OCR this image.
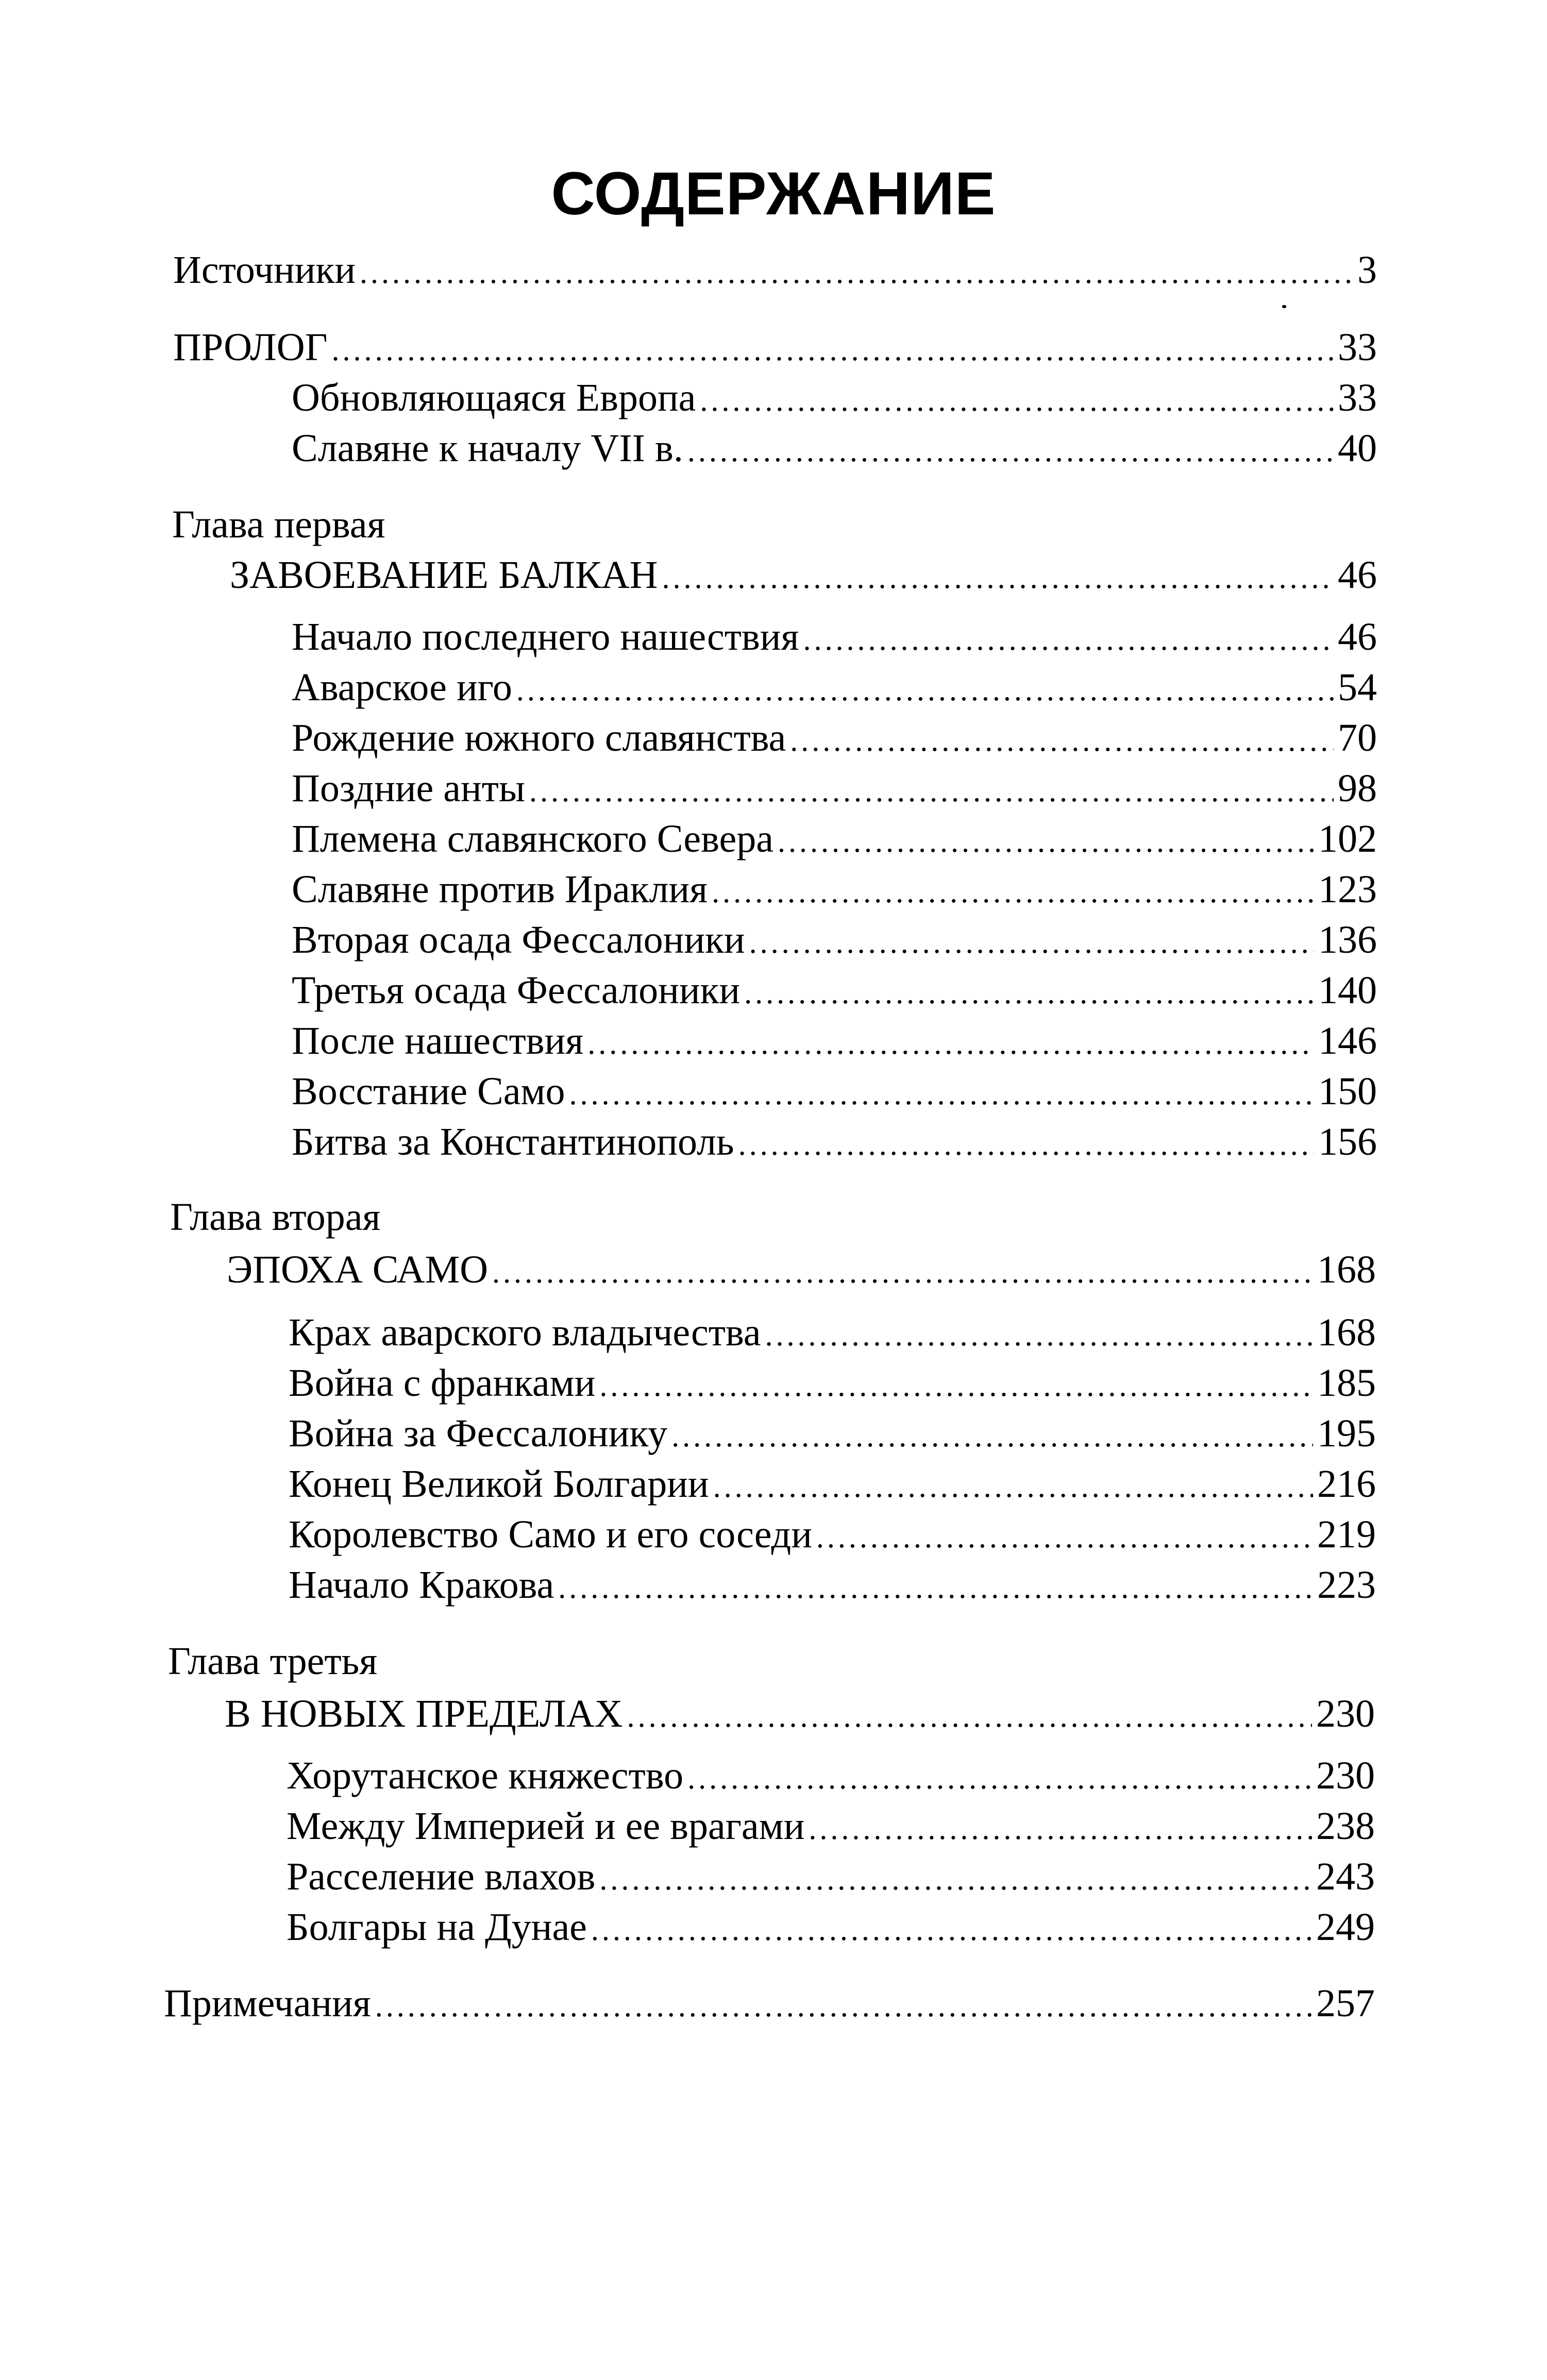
СОДЕРЖАНИЕ
Источники .....	3
ПРОЛОГ .....	33
Обновляющаяся Европа .....	33
Славяне к началу VII в. .....	40
Глава первая
ЗАВОЕВАНИЕ БАЛКАН .....	46
Начало последнего нашествия .....	46
Аварское иго .....	54
Рождение южного славянства .....	70
Поздние анты .....	98
Племена славянского Севера .....	102
Славяне против Ираклия .....	123
Вторая осада Фессалоники .....	136
Третья осада Фессалоники .....	140
После нашествия .....	146
Восстание Само .....	150
Битва за Константинополь .....	156
Глава вторая
ЭПОХА САМО .....	168
Крах аварского владычества .....	168
Война с франками .....	185
Война за Фессалонику .....	195
Конец Великой Болгарии .....	216
Королевство Само и его соседи .....	219
Начало Кракова .....	223
Глава третья
В НОВЫХ ПРЕДЕЛАХ .....	230
Хорутанское княжество .....	230
Между Империей и ее врагами .....	238
Расселение влахов .....	243
Болгары на Дунае .....	249
Примечания .....	257
